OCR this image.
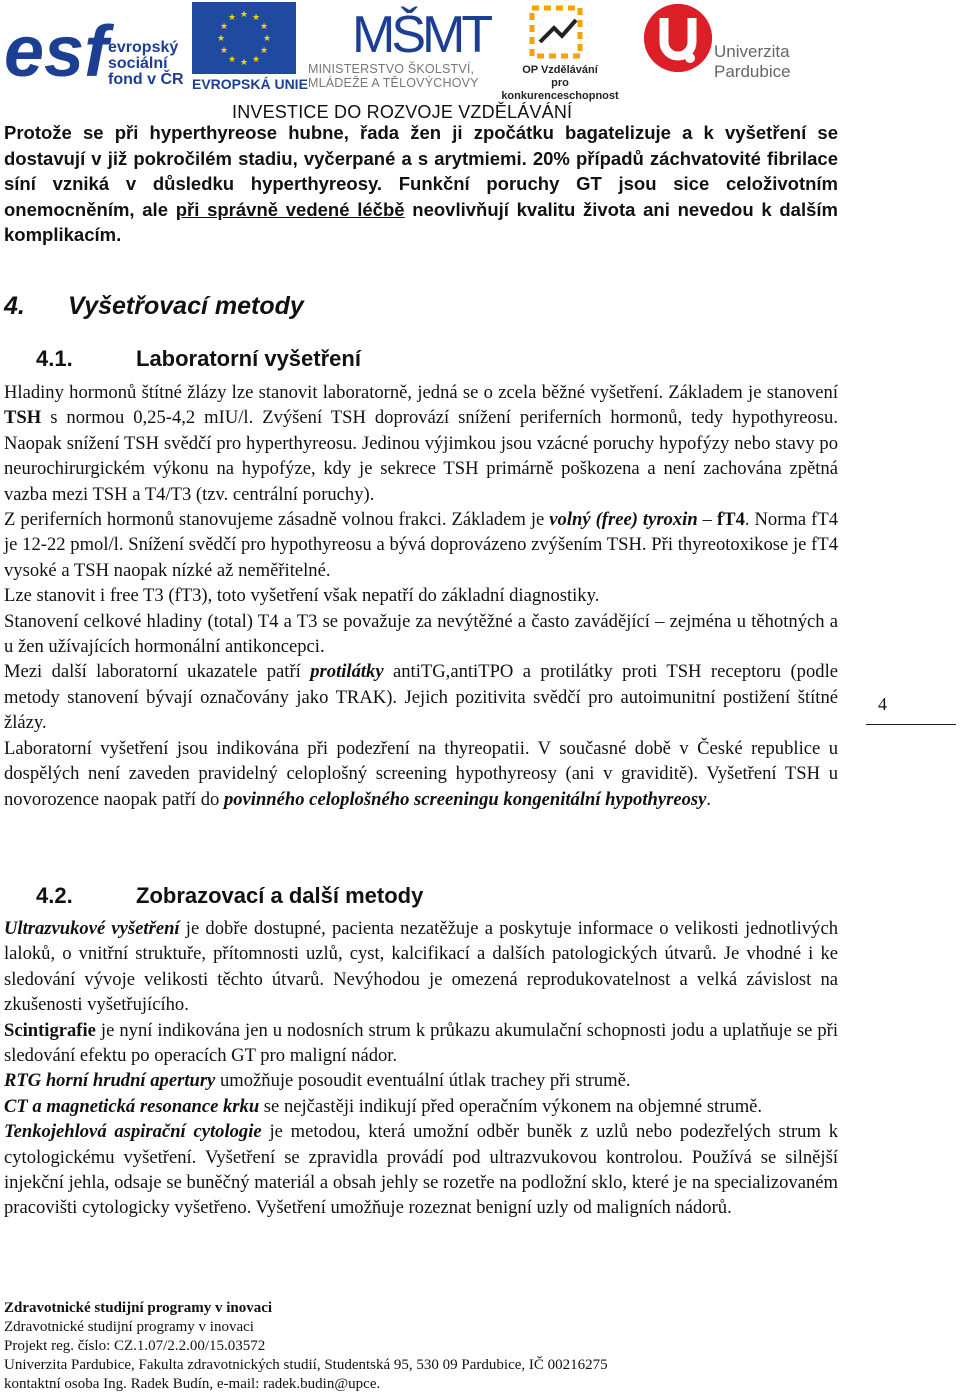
esf evropský
sociální
fond v ČR
★ ★
★
★
★
★
★
★
★
★
★
★
EVROPSKÁ UNIE
MŠMT
MINISTERSTVO ŠKOLSTVÍ,
MLÁDEŽE A TĚLOVÝCHOVY
OP Vzdělávání
pro konkurenceschopnost
Univerzita
Pardubice
INVESTICE DO ROZVOJE VZDĚLÁVÁNÍ

Protože se při hyperthyreose hubne, řada žen ji zpočátku bagatelizuje a k vyšetření se dostavují v již pokročilém stadiu, vyčerpané a s arytmiemi. 20% případů záchvatovité fibrilace síní vzniká v důsledku hyperthyreosy. Funkční poruchy GT jsou sice celoživotním onemocněním, ale při správně vedené léčbě neovlivňují kvalitu života ani nevedou k dalším komplikacím.

4. Vyšetřovací metody
4.1.	Laboratorní vyšetření

Hladiny hormonů štítné žlázy lze stanovit laboratorně, jedná se o zcela běžné vyšetření. Základem je stanovení TSH s normou 0,25-4,2 mIU/l. Zvýšení TSH doprovází snížení periferních hormonů, tedy hypothyreosu. Naopak snížení TSH svědčí pro hyperthyreosu. Jedinou výjimkou jsou vzácné poruchy hypofýzy nebo stavy po neurochirurgickém výkonu na hypofýze, kdy je sekrece TSH primárně poškozena a není zachována zpětná vazba mezi TSH a T4/T3 (tzv. centrální poruchy).

Z periferních hormonů stanovujeme zásadně volnou frakci. Základem je volný (free) tyroxin – fT4. Norma fT4 je 12-22 pmol/l. Snížení svědčí pro hypothyreosu a bývá doprovázeno zvýšením TSH. Při thyreotoxikose je fT4 vysoké a TSH naopak nízké až neměřitelné.

Lze stanovit i free T3 (fT3), toto vyšetření však nepatří do základní diagnostiky.

Stanovení celkové hladiny (total) T4 a T3 se považuje za nevýtěžné a často zavádějící – zejména u těhotných a u žen užívajících hormonální antikoncepci.

Mezi další laboratorní ukazatele patří protilátky antiTG,antiTPO a protilátky proti TSH receptoru (podle metody stanovení bývají označovány jako TRAK). Jejich pozitivita svědčí pro autoimunitní postižení štítné žlázy.

Laboratorní vyšetření jsou indikována při podezření na thyreopatii. V současné době v České republice u dospělých není zaveden pravidelný celoplošný screening hypothyreosy (ani v graviditě). Vyšetření TSH u novorozence naopak patří do povinného celoplošného screeningu kongenitální hypothyreosy.

4.2.	Zobrazovací a další metody

Ultrazvukové vyšetření je dobře dostupné, pacienta nezatěžuje a poskytuje informace o velikosti jednotlivých laloků, o vnitřní struktuře, přítomnosti uzlů, cyst, kalcifikací a dalších patologických útvarů. Je vhodné i ke sledování vývoje velikosti těchto útvarů. Nevýhodou je omezená reprodukovatelnost a velká závislost na zkušenosti vyšetřujícího.

Scintigrafie je nyní indikována jen u nodosních strum k průkazu akumulační schopnosti jodu a uplatňuje se při sledování efektu po operacích GT pro maligní nádor.

RTG horní hrudní apertury umožňuje posoudit eventuální útlak trachey při strumě.

CT a magnetická resonance krku se nejčastěji indikují před operačním výkonem na objemné strumě.

Tenkojehlová aspirační cytologie je metodou, která umožní odběr buněk z uzlů nebo podezřelých strum k cytologickému vyšetření. Vyšetření se zpravidla provádí pod ultrazvukovou kontrolou. Používá se silnější injekční jehla, odsaje se buněčný materiál a obsah jehly se rozetře na podložní sklo, které je na specializovaném pracovišti cytologicky vyšetřeno. Vyšetření umožňuje rozeznat benigní uzly od maligních nádorů.

4
Zdravotnické studijní programy v inovaci
Zdravotnické studijní programy v inovaci
Projekt reg. číslo: CZ.1.07/2.2.00/15.03572
Univerzita Pardubice, Fakulta zdravotnických studií, Studentská 95, 530 09 Pardubice, IČ 00216275
kontaktní osoba Ing. Radek Budín, e-mail: radek.budin@upce.
